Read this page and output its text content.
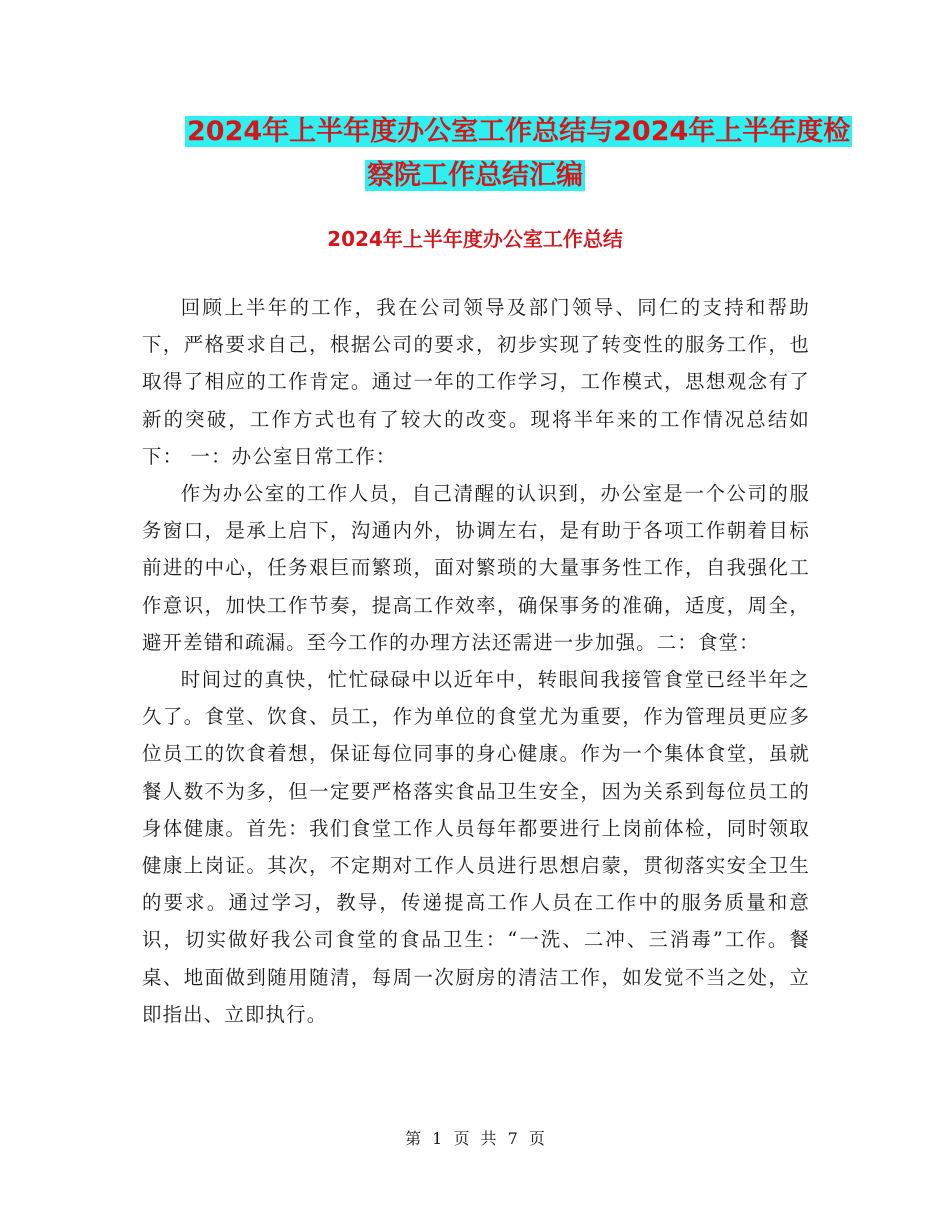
2024年上半年度办公室工作总结与2024年上半年度检
察院工作总结汇编
2024年上半年度办公室工作总结

回顾上半年的工作，我在公司领导及部门领导、同仁的支持和帮助下，严格要求自己，根据公司的要求，初步实现了转变性的服务工作，也取得了相应的工作肯定。通过一年的工作学习，工作模式，思想观念有了新的突破，工作方式也有了较大的改变。现将半年来的工作情况总结如下： 一：办公室日常工作：

作为办公室的工作人员，自己清醒的认识到，办公室是一个公司的服务窗口，是承上启下，沟通内外，协调左右，是有助于各项工作朝着目标前进的中心，任务艰巨而繁琐，面对繁琐的大量事务性工作，自我强化工作意识，加快工作节奏，提高工作效率，确保事务的准确，适度，周全，避开差错和疏漏。至今工作的办理方法还需进一步加强。二：食堂：

时间过的真快，忙忙碌碌中以近年中，转眼间我接管食堂已经半年之久了。食堂、饮食、员工，作为单位的食堂尤为重要，作为管理员更应多位员工的饮食着想，保证每位同事的身心健康。作为一个集体食堂，虽就餐人数不为多，但一定要严格落实食品卫生安全，因为关系到每位员工的身体健康。首先：我们食堂工作人员每年都要进行上岗前体检，同时领取健康上岗证。其次，不定期对工作人员进行思想启蒙，贯彻落实安全卫生的要求。通过学习，教导，传递提高工作人员在工作中的服务质量和意识，切实做好我公司食堂的食品卫生：“一洗、二冲、三消毒”工作。餐桌、地面做到随用随清，每周一次厨房的清洁工作，如发觉不当之处，立即指出、立即执行。

第 1 页 共 7 页
